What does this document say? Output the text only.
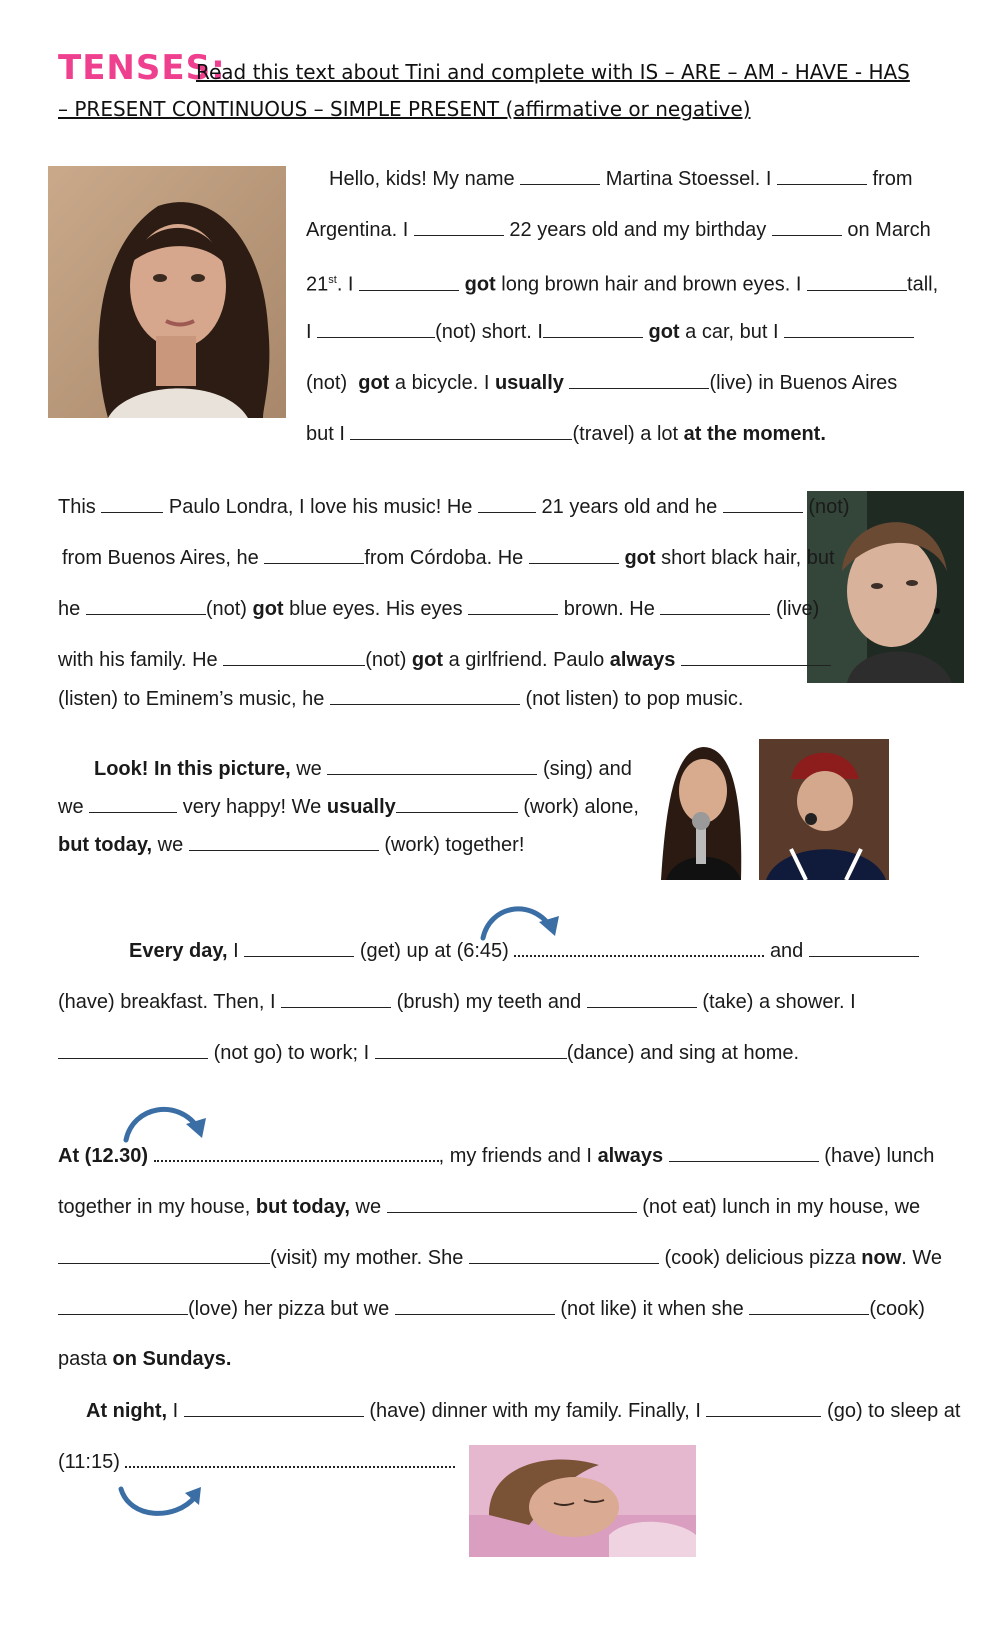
TENSES:
Read this text about Tini and complete with IS – ARE – AM - HAVE - HAS
– PRESENT CONTINUOUS – SIMPLE PRESENT (affirmative or negative)
Hello, kids! My name	Martina Stoessel. I	from
Argentina. I	22 years old and my birthday	on March
21st. I	got long brown hair and brown eyes. I	tall,
I	(not) short. I	got a car, but I
(not) got a bicycle. I usually	(live) in Buenos Aires
but I	(travel) a lot at the moment.
This	Paulo Londra, I love his music! He	21 years old and he	(not)
from Buenos Aires, he	from Córdoba. He	got short black hair, but
he	(not) got blue eyes. His eyes	brown. He	(live)
with his family. He	(not) got a girlfriend. Paulo always
(listen) to Eminem’s music, he	(not listen) to pop music.
Look! In this picture, we	(sing) and
we	very happy! We usually	(work) alone,
but today, we	(work) together!
Every day, I	(get) up at (6:45)	and
(have) breakfast. Then, I	(brush) my teeth and	(take) a shower. I
(not go) to work; I	(dance) and sing at home.
At (12.30)	, my friends and I always	(have) lunch
together in my house, but today, we	(not eat) lunch in my house, we
(visit) my mother. She	(cook) delicious pizza now. We
(love) her pizza but we	(not like) it when she	(cook)
pasta on Sundays.
At night, I	(have) dinner with my family. Finally, I	(go) to sleep at
(11:15)
